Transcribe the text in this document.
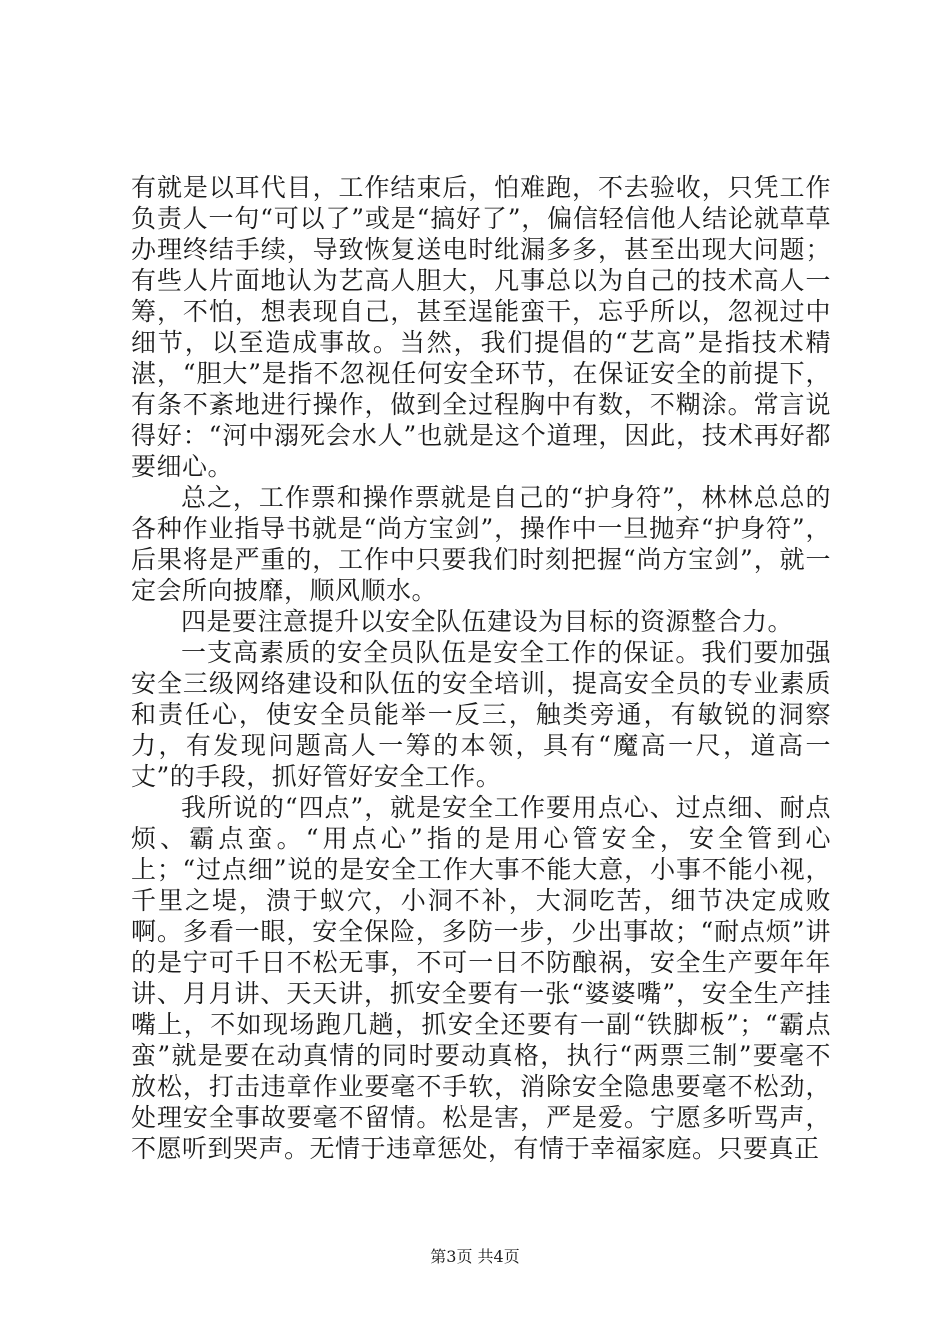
有就是以耳代目，工作结束后，怕难跑，不去验收，只凭工作负责人一句“可以了”或是“搞好了”，偏信轻信他人结论就草草办理终结手续，导致恢复送电时纰漏多多，甚至出现大问题；有些人片面地认为艺高人胆大，凡事总以为自己的技术高人一筹，不怕，想表现自己，甚至逞能蛮干，忘乎所以，忽视过中细节，以至造成事故。当然，我们提倡的“艺高”是指技术精湛，“胆大”是指不忽视任何安全环节，在保证安全的前提下，有条不紊地进行操作，做到全过程胸中有数，不糊涂。常言说得好：“河中溺死会水人”也就是这个道理，因此，技术再好都要细心。

总之，工作票和操作票就是自己的“护身符”，林林总总的各种作业指导书就是“尚方宝剑”，操作中一旦抛弃“护身符”，后果将是严重的，工作中只要我们时刻把握“尚方宝剑”，就一定会所向披靡，顺风顺水。

四是要注意提升以安全队伍建设为目标的资源整合力。

一支高素质的安全员队伍是安全工作的保证。我们要加强安全三级网络建设和队伍的安全培训，提高安全员的专业素质和责任心，使安全员能举一反三，触类旁通，有敏锐的洞察力，有发现问题高人一筹的本领，具有“魔高一尺，道高一丈”的手段，抓好管好安全工作。

我所说的“四点”，就是安全工作要用点心、过点细、耐点烦、霸点蛮。“用点心”指的是用心管安全，安全管到心上；“过点细”说的是安全工作大事不能大意，小事不能小视，千里之堤，溃于蚁穴，小洞不补，大洞吃苦，细节决定成败啊。多看一眼，安全保险，多防一步，少出事故；“耐点烦”讲的是宁可千日不松无事，不可一日不防酿祸，安全生产要年年讲、月月讲、天天讲，抓安全要有一张“婆婆嘴”，安全生产挂嘴上，不如现场跑几趟，抓安全还要有一副“铁脚板”；“霸点蛮”就是要在动真情的同时要动真格，执行“两票三制”要毫不放松，打击违章作业要毫不手软，消除安全隐患要毫不松劲，处理安全事故要毫不留情。松是害，严是爱。宁愿多听骂声，不愿听到哭声。无情于违章惩处，有情于幸福家庭。只要真正

第3页 共4页
